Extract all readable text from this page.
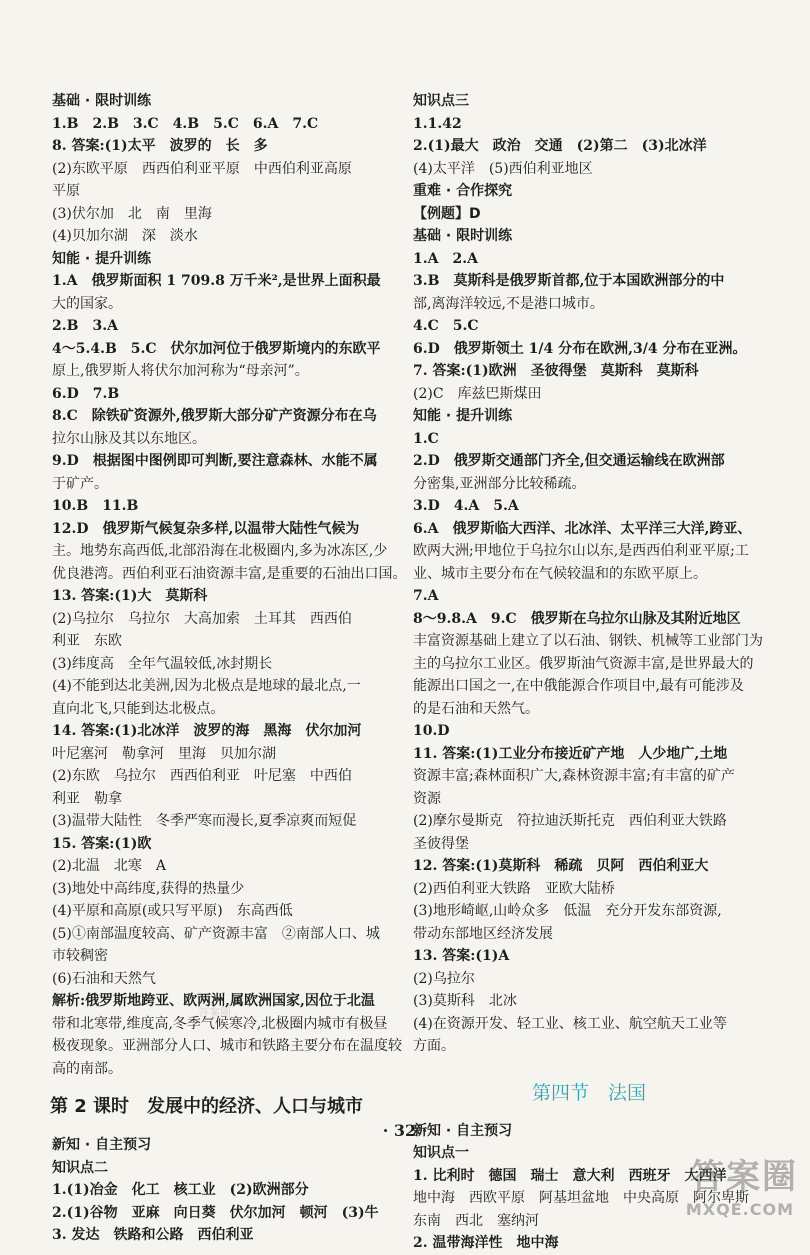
基础 · 限时训练

1.B　2.B　3.C　4.B　5.C　6.A　7.C

8. 答案:(1)太平　波罗的　长　多

(2)东欧平原　西西伯利亚平原　中西伯利亚高原

平原

(3)伏尔加　北　南　里海

(4)贝加尔湖　深　淡水

知能 · 提升训练

1.A　俄罗斯面积 1 709.8 万千米²,是世界上面积最

大的国家。

2.B　3.A

4～5.4.B　5.C　伏尔加河位于俄罗斯境内的东欧平

原上,俄罗斯人将伏尔加河称为“母亲河”。

6.D　7.B

8.C　除铁矿资源外,俄罗斯大部分矿产资源分布在乌

拉尔山脉及其以东地区。

9.D　根据图中图例即可判断,要注意森林、水能不属

于矿产。

10.B　11.B

12.D　俄罗斯气候复杂多样,以温带大陆性气候为

主。地势东高西低,北部沿海在北极圈内,多为冰冻区,少

优良港湾。西伯利亚石油资源丰富,是重要的石油出口国。

13. 答案:(1)大　莫斯科

(2)乌拉尔　乌拉尔　大高加索　土耳其　西西伯

利亚　东欧

(3)纬度高　全年气温较低,冰封期长

(4)不能到达北美洲,因为北极点是地球的最北点,一

直向北飞,只能到达北极点。

14. 答案:(1)北冰洋　波罗的海　黑海　伏尔加河

叶尼塞河　勒拿河　里海　贝加尔湖

(2)东欧　乌拉尔　西西伯利亚　叶尼塞　中西伯

利亚　勒拿

(3)温带大陆性　冬季严寒而漫长,夏季凉爽而短促

15. 答案:(1)欧

(2)北温　北寒　A

(3)地处中高纬度,获得的热量少

(4)平原和高原(或只写平原)　东高西低

(5)①南部温度较高、矿产资源丰富　②南部人口、城

市较稠密

(6)石油和天然气

解析:俄罗斯地跨亚、欧两洲,属欧洲国家,因位于北温

带和北寒带,维度高,冬季气候寒冷,北极圈内城市有极昼

极夜现象。亚洲部分人口、城市和铁路主要分布在温度较

高的南部。

第 2 课时　发展中的经济、人口与城市

新知 · 自主预习

知识点二

1.(1)冶金　化工　核工业　(2)欧洲部分

2.(1)谷物　亚麻　向日葵　伏尔加河　顿河　(3)牛

3. 发达　铁路和公路　西伯利亚

知识点三

1.1.42

2.(1)最大　政治　交通　(2)第二　(3)北冰洋

(4)太平洋　(5)西伯利亚地区

重难 · 合作探究

【例题】D

基础 · 限时训练

1.A　2.A

3.B　莫斯科是俄罗斯首都,位于本国欧洲部分的中

部,离海洋较远,不是港口城市。

4.C　5.C

6.D　俄罗斯领土 1/4 分布在欧洲,3/4 分布在亚洲。

7. 答案:(1)欧洲　圣彼得堡　莫斯科　莫斯科

(2)C　库兹巴斯煤田

知能 · 提升训练

1.C

2.D　俄罗斯交通部门齐全,但交通运输线在欧洲部

分密集,亚洲部分比较稀疏。

3.D　4.A　5.A

6.A　俄罗斯临大西洋、北冰洋、太平洋三大洋,跨亚、

欧两大洲;甲地位于乌拉尔山以东,是西西伯利亚平原;工

业、城市主要分布在气候较温和的东欧平原上。

7.A

8～9.8.A　9.C　俄罗斯在乌拉尔山脉及其附近地区

丰富资源基础上建立了以石油、钢铁、机械等工业部门为

主的乌拉尔工业区。俄罗斯油气资源丰富,是世界最大的

能源出口国之一,在中俄能源合作项目中,最有可能涉及

的是石油和天然气。

10.D

11. 答案:(1)工业分布接近矿产地　人少地广,土地

资源丰富;森林面积广大,森林资源丰富;有丰富的矿产

资源

(2)摩尔曼斯克　符拉迪沃斯托克　西伯利亚大铁路

圣彼得堡

12. 答案:(1)莫斯科　稀疏　贝阿　西伯利亚大

(2)西伯利亚大铁路　亚欧大陆桥

(3)地形崎岖,山岭众多　低温　充分开发东部资源,

带动东部地区经济发展

13. 答案:(1)A

(2)乌拉尔

(3)莫斯科　北冰

(4)在资源开发、轻工业、核工业、航空航天工业等

方面。

第四节　法国

新知 · 自主预习

知识点一

1. 比利时　德国　瑞士　意大利　西班牙　大西洋

地中海　西欧平原　阿基坦盆地　中央高原　阿尔卑斯

东南　西北　塞纳河

2. 温带海洋性　地中海

答案圈
· 32 ·
答案圈
MXQE.COM
